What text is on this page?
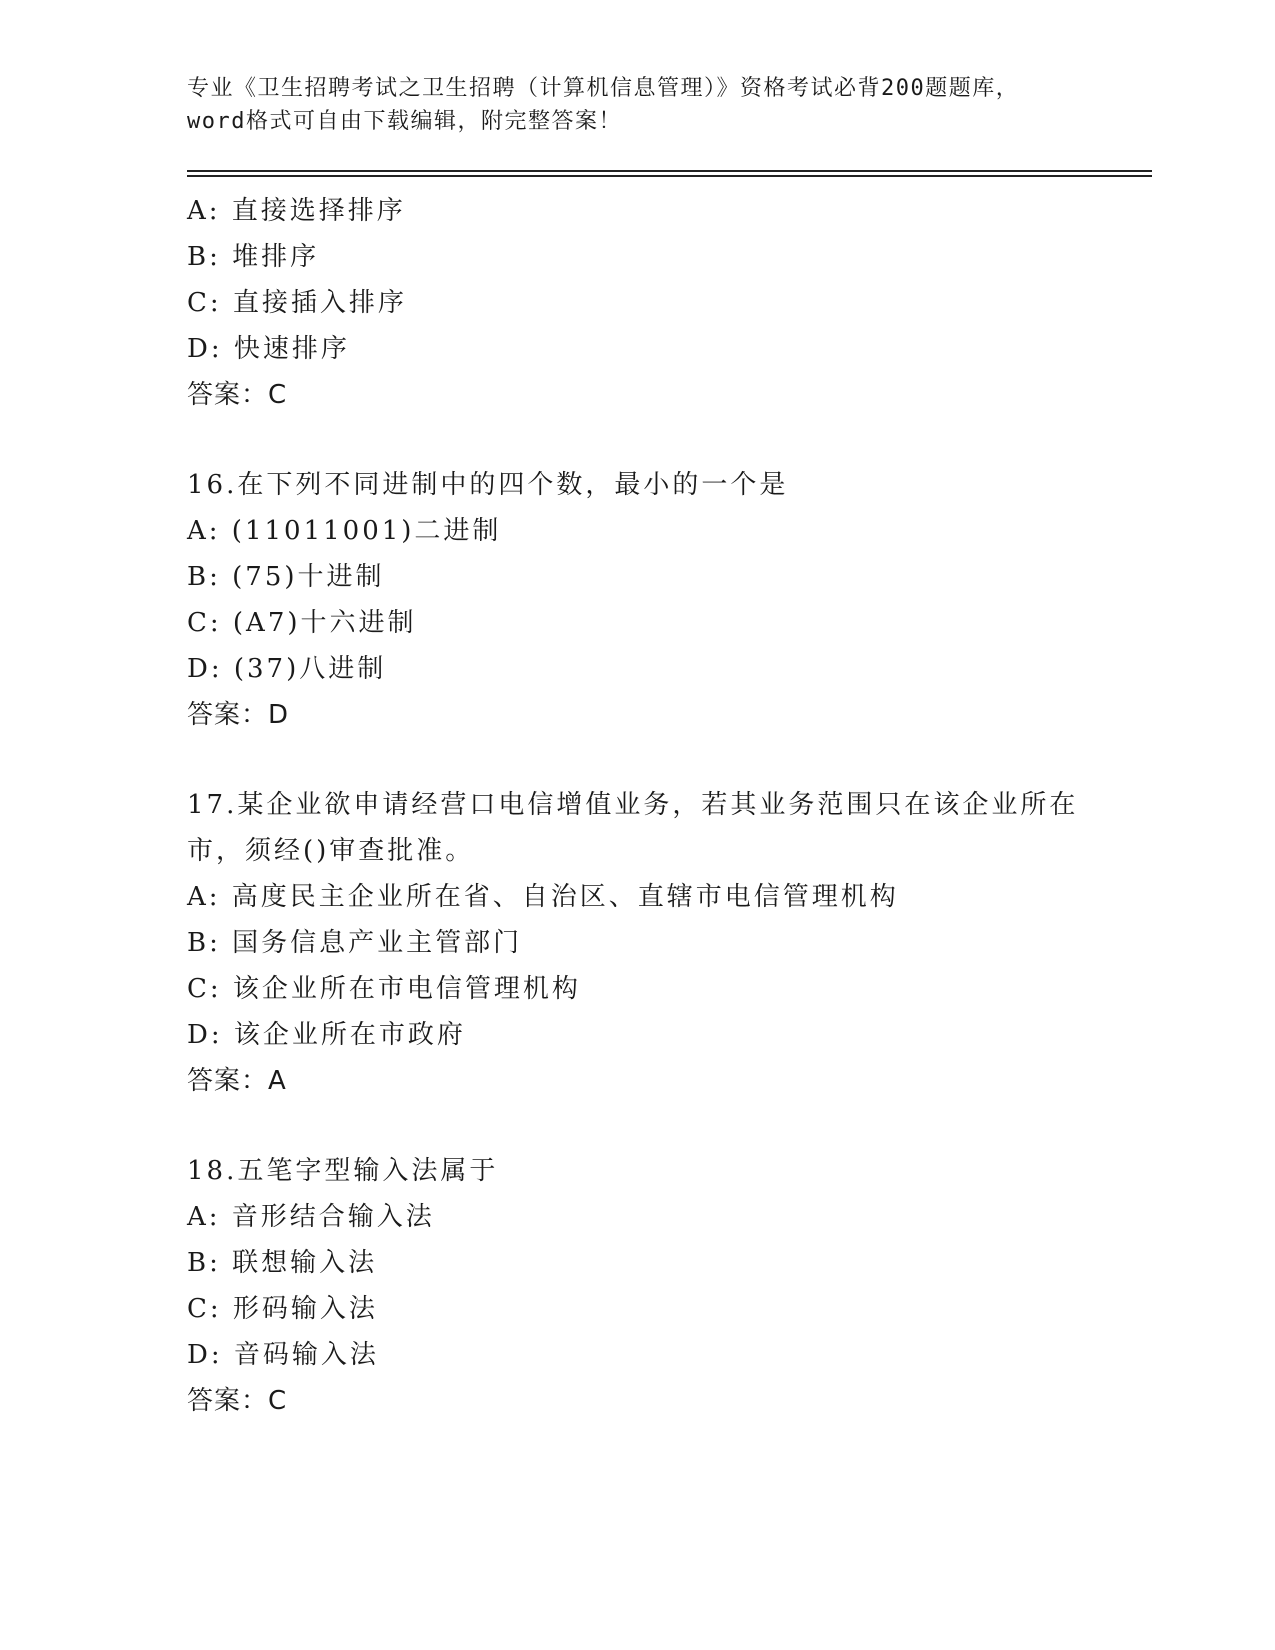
专业《卫生招聘考试之卫生招聘（计算机信息管理）》资格考试必背200题题库，
word格式可自由下载编辑，附完整答案！
A: 直接选择排序
B: 堆排序
C: 直接插入排序
D: 快速排序
答案：C
16.在下列不同进制中的四个数，最小的一个是
A: (11011001)二进制
B: (75)十进制
C: (A7)十六进制
D: (37)八进制
答案：D
17.某企业欲申请经营口电信增值业务，若其业务范围只在该企业所在
市，须经()审查批准。
A: 高度民主企业所在省、自治区、直辖市电信管理机构
B: 国务信息产业主管部门
C: 该企业所在市电信管理机构
D: 该企业所在市政府
答案：A
18.五笔字型输入法属于
A: 音形结合输入法
B: 联想输入法
C: 形码输入法
D: 音码输入法
答案：C
